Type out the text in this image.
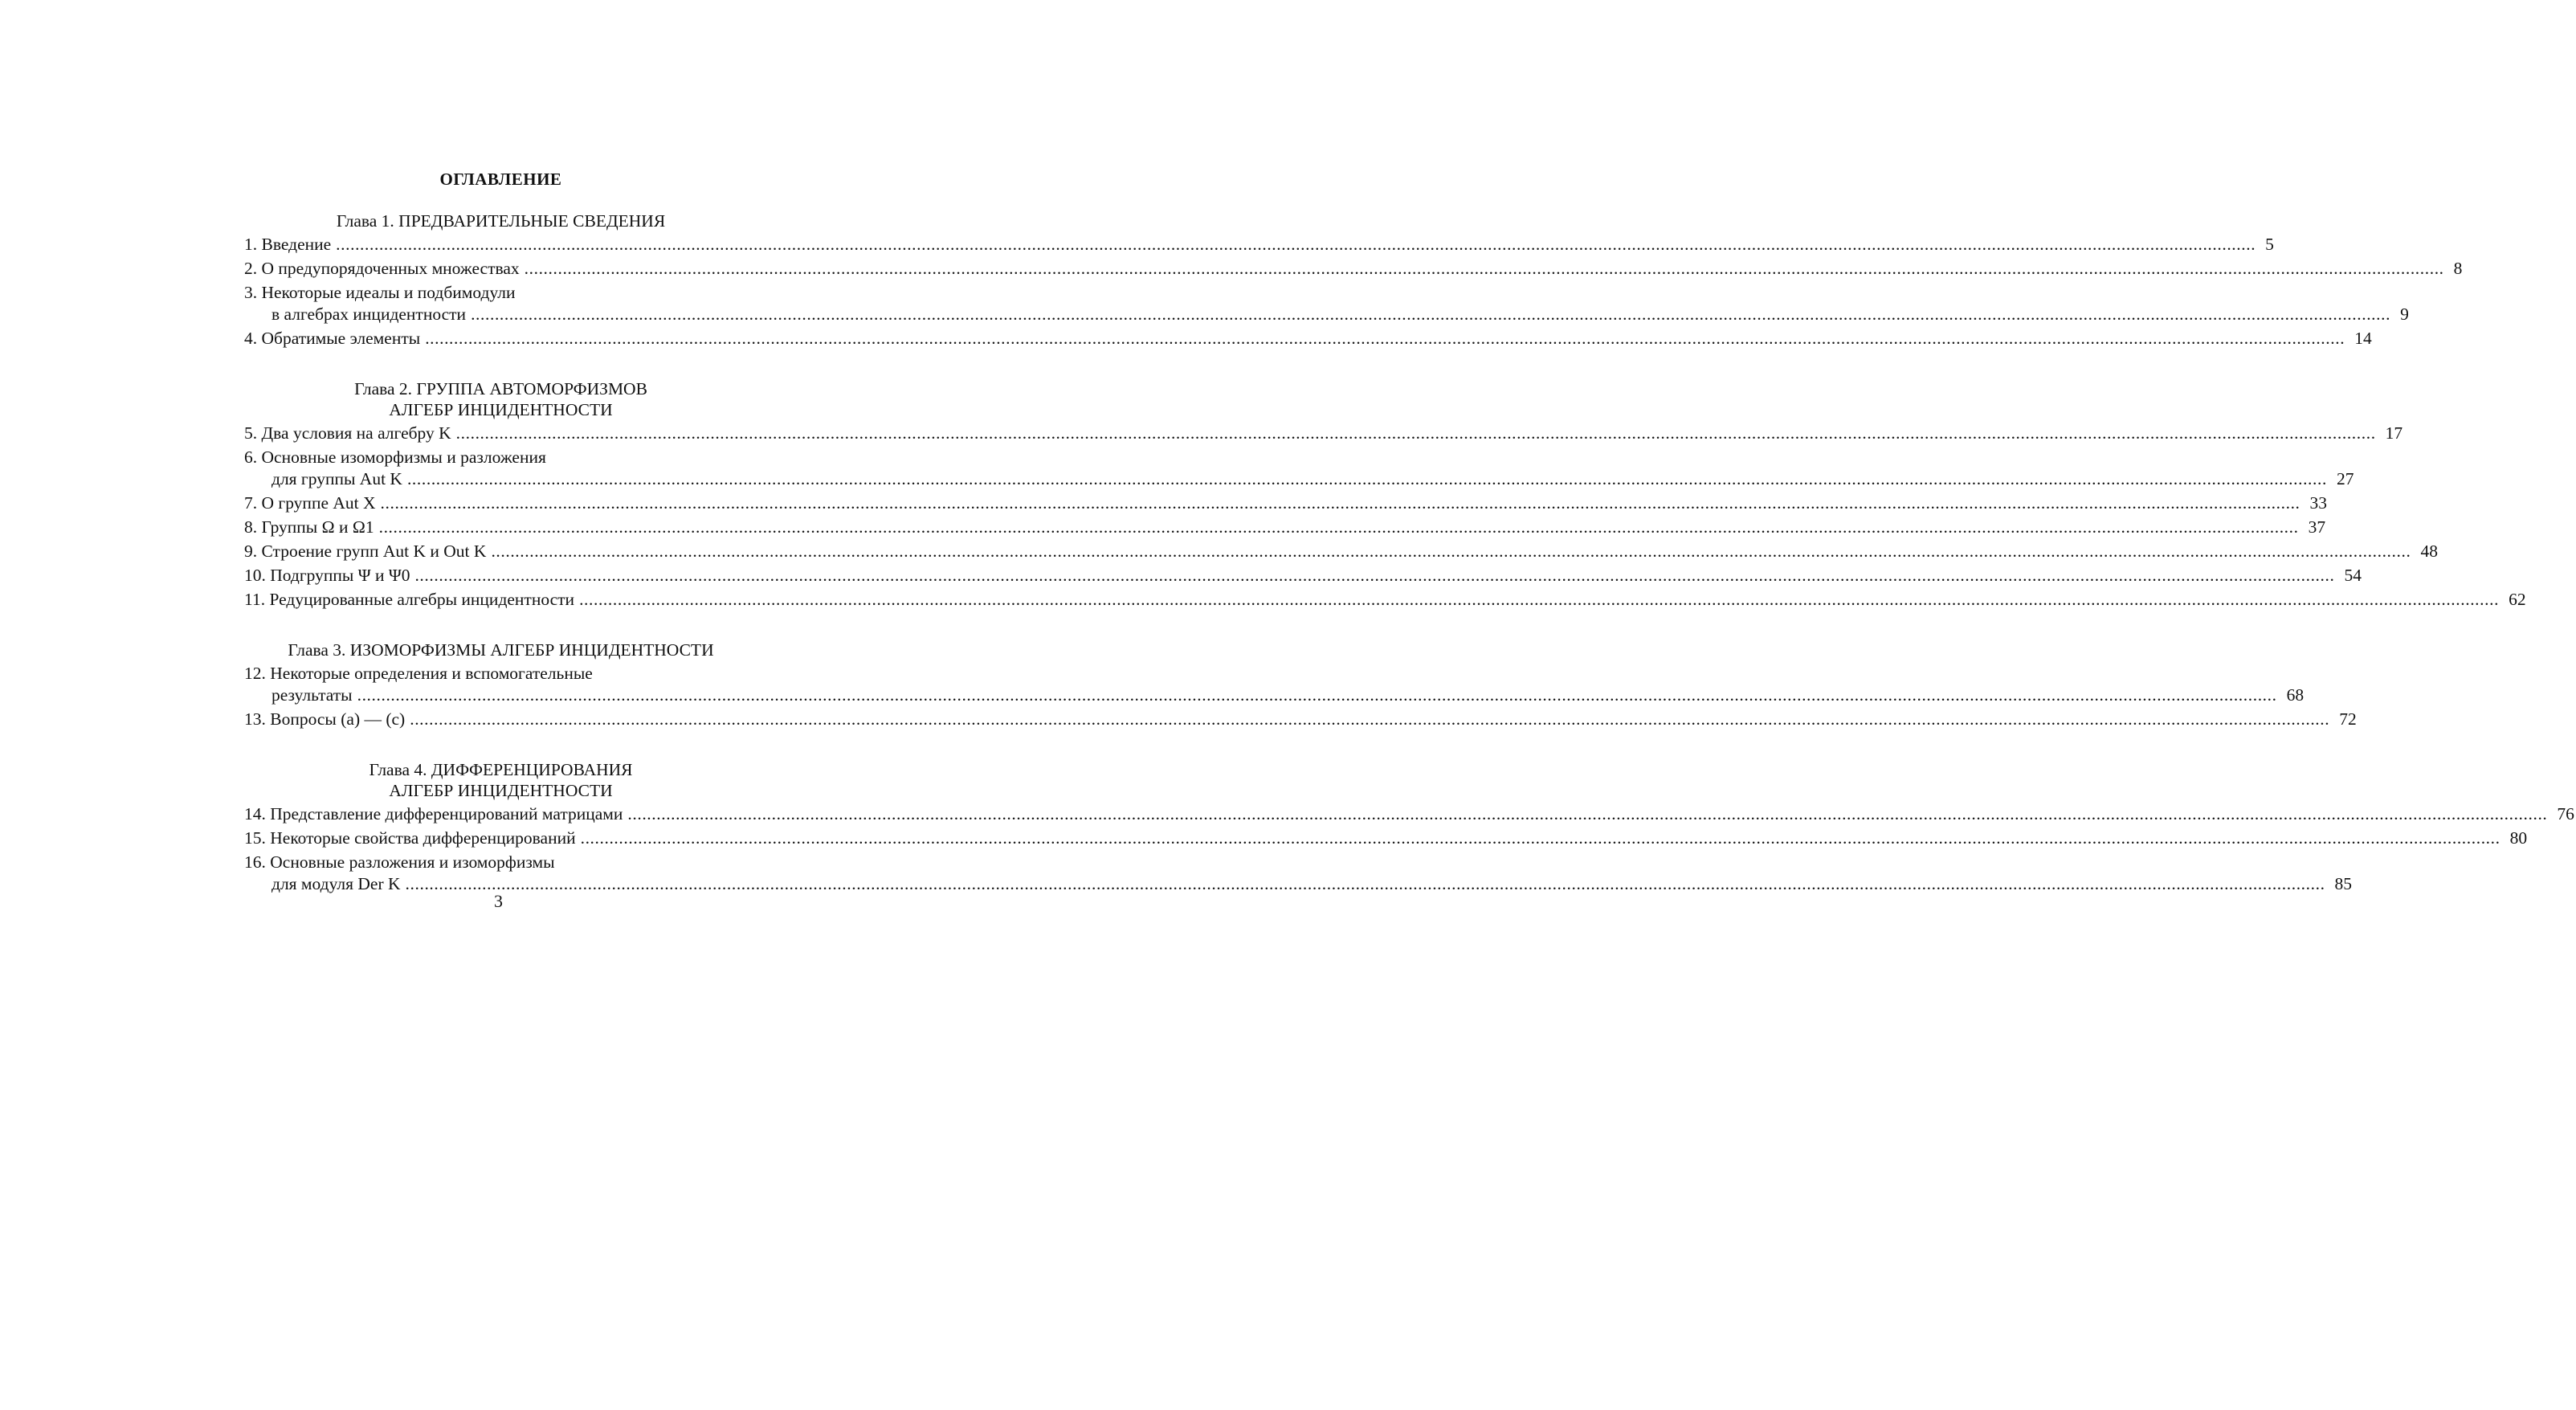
ОГЛАВЛЕНИЕ
Глава 1. ПРЕДВАРИТЕЛЬНЫЕ СВЕДЕНИЯ
1. Введение ................................................................................................................................................................................................................................................................................................................................................................................................................ 5
2. О предупорядоченных множествах ................................................................................................................................................................................................................................................................................................................................................................................................................ 8
3. Некоторые идеалы и подбимодули
в алгебрах инцидентности ................................................................................................................................................................................................................................................................................................................................................................................................................ 9
4. Обратимые элементы ................................................................................................................................................................................................................................................................................................................................................................................................................ 14
Глава 2. ГРУППА АВТОМОРФИЗМОВ
АЛГЕБР ИНЦИДЕНТНОСТИ
5. Два условия на алгебру K ................................................................................................................................................................................................................................................................................................................................................................................................................ 17
6. Основные изоморфизмы и разложения
для группы Aut K ................................................................................................................................................................................................................................................................................................................................................................................................................ 27
7. О группе Aut X ................................................................................................................................................................................................................................................................................................................................................................................................................ 33
8. Группы Ω и Ω1 ................................................................................................................................................................................................................................................................................................................................................................................................................ 37
9. Строение групп Aut K и Out K ................................................................................................................................................................................................................................................................................................................................................................................................................ 48
10. Подгруппы Ψ и Ψ0 ................................................................................................................................................................................................................................................................................................................................................................................................................ 54
11. Редуцированные алгебры инцидентности ................................................................................................................................................................................................................................................................................................................................................................................................................ 62
Глава 3. ИЗОМОРФИЗМЫ АЛГЕБР ИНЦИДЕНТНОСТИ
12. Некоторые определения и вспомогательные
результаты ................................................................................................................................................................................................................................................................................................................................................................................................................ 68
13. Вопросы (a) — (c) ................................................................................................................................................................................................................................................................................................................................................................................................................ 72
Глава 4. ДИФФЕРЕНЦИРОВАНИЯ
АЛГЕБР ИНЦИДЕНТНОСТИ
14. Представление дифференцирований матрицами ................................................................................................................................................................................................................................................................................................................................................................................................................ 76
15. Некоторые свойства дифференцирований ................................................................................................................................................................................................................................................................................................................................................................................................................ 80
16. Основные разложения и изоморфизмы
для модуля Der K ................................................................................................................................................................................................................................................................................................................................................................................................................ 85
3
